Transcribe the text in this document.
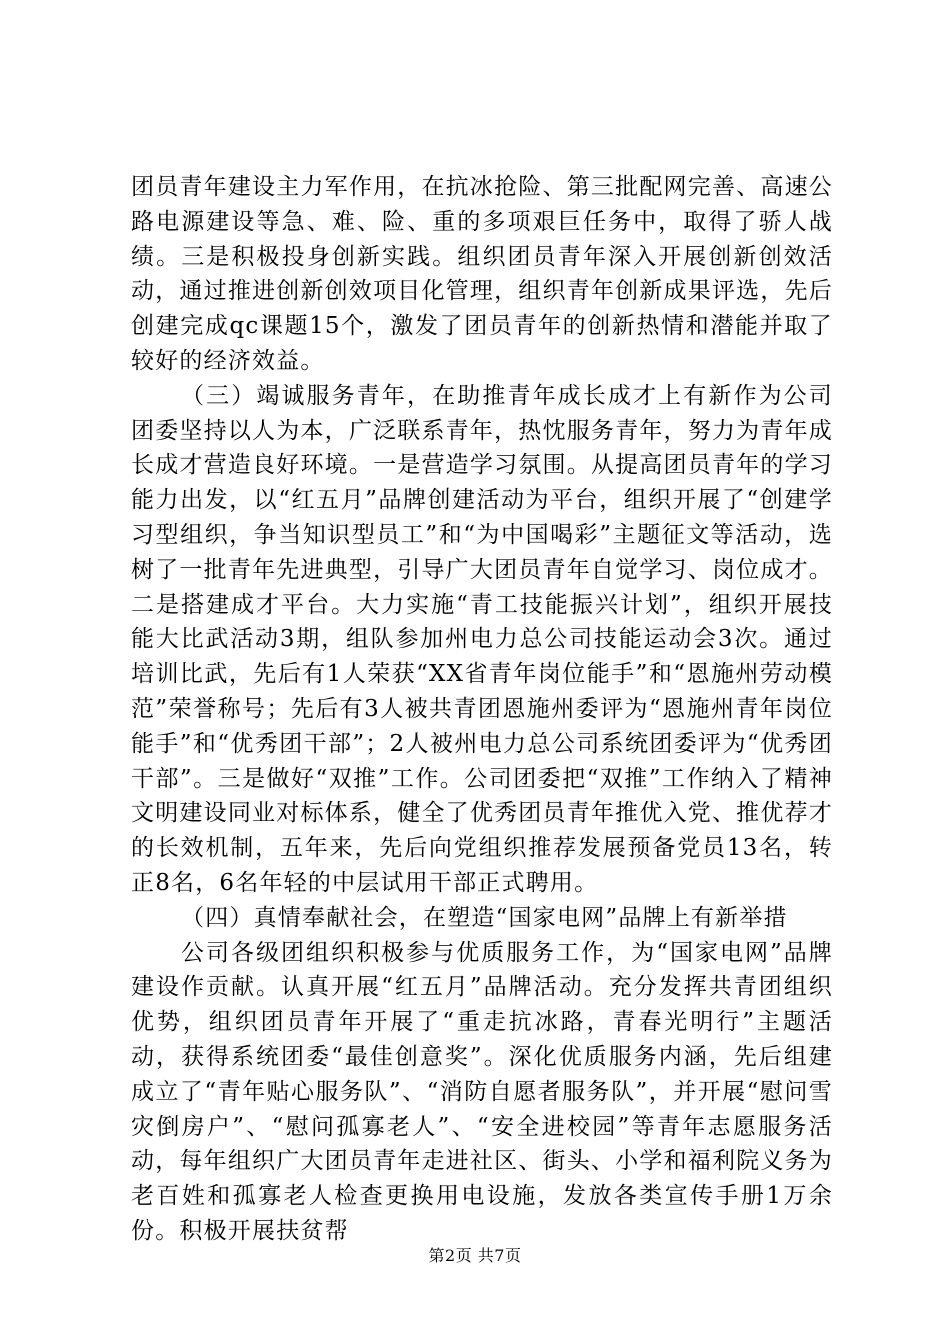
团员青年建设主力军作用，在抗冰抢险、第三批配网完善、高速公路电源建设等急、难、险、重的多项艰巨任务中，取得了骄人战绩。三是积极投身创新实践。组织团员青年深入开展创新创效活动，通过推进创新创效项目化管理，组织青年创新成果评选，先后创建完成qc课题15个，激发了团员青年的创新热情和潜能并取了较好的经济效益。

（三）竭诚服务青年，在助推青年成长成才上有新作为公司团委坚持以人为本，广泛联系青年，热忱服务青年，努力为青年成长成才营造良好环境。一是营造学习氛围。从提高团员青年的学习能力出发，以“红五月”品牌创建活动为平台，组织开展了“创建学习型组织，争当知识型员工”和“为中国喝彩”主题征文等活动，选树了一批青年先进典型，引导广大团员青年自觉学习、岗位成才。二是搭建成才平台。大力实施“青工技能振兴计划”，组织开展技能大比武活动3期，组队参加州电力总公司技能运动会3次。通过培训比武，先后有1人荣获“XX省青年岗位能手”和“恩施州劳动模范”荣誉称号；先后有3人被共青团恩施州委评为“恩施州青年岗位能手”和“优秀团干部”；2人被州电力总公司系统团委评为“优秀团干部”。三是做好“双推”工作。公司团委把“双推”工作纳入了精神文明建设同业对标体系，健全了优秀团员青年推优入党、推优荐才的长效机制，五年来，先后向党组织推荐发展预备党员13名，转正8名，6名年轻的中层试用干部正式聘用。

（四）真情奉献社会，在塑造“国家电网”品牌上有新举措

公司各级团组织积极参与优质服务工作，为“国家电网”品牌建设作贡献。认真开展“红五月”品牌活动。充分发挥共青团组织优势，组织团员青年开展了“重走抗冰路，青春光明行”主题活动，获得系统团委“最佳创意奖”。深化优质服务内涵，先后组建成立了“青年贴心服务队”、“消防自愿者服务队”，并开展“慰问雪灾倒房户”、“慰问孤寡老人”、“安全进校园”等青年志愿服务活动，每年组织广大团员青年走进社区、街头、小学和福利院义务为老百姓和孤寡老人检查更换用电设施，发放各类宣传手册1万余份。积极开展扶贫帮

第2页 共7页
